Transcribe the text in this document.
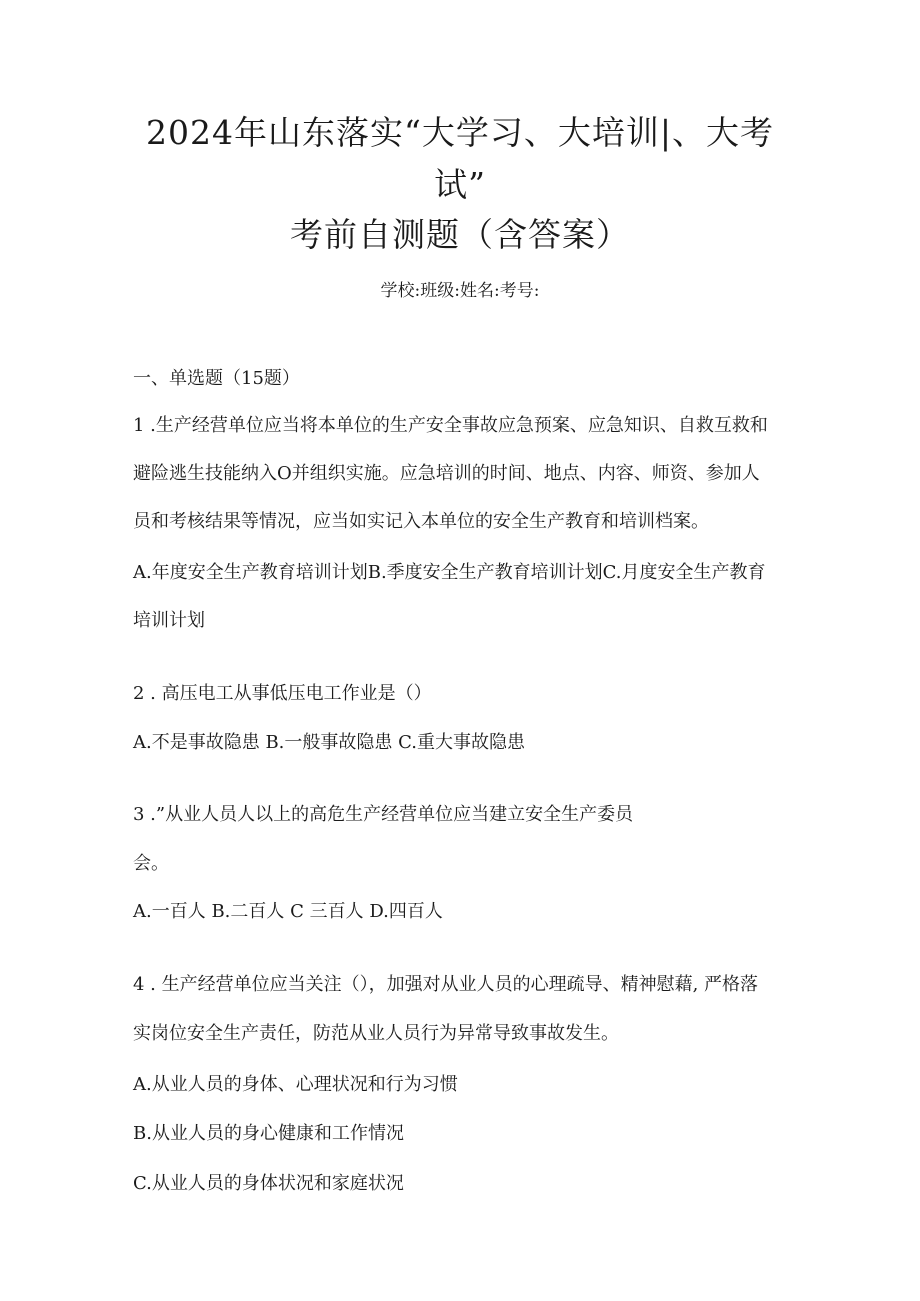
2024年山东落实“大学习、大培训|、大考
试”
考前自测题（含答案）
学校:班级:姓名:考号:
一、单选题（15题）
1 .生产经营单位应当将本单位的生产安全事故应急预案、应急知识、自救互救和
避险逃生技能纳入O并组织实施。应急培训的时间、地点、内容、师资、参加人
员和考核结果等情况，应当如实记入本单位的安全生产教育和培训档案。
A.年度安全生产教育培训计划B.季度安全生产教育培训计划C.月度安全生产教育
培训计划
2 . 高压电工从事低压电工作业是（）
A.不是事故隐患 B.一般事故隐患 C.重大事故隐患
3 .”从业人员人以上的高危生产经营单位应当建立安全生产委员
会。
A.一百人 B.二百人 C 三百人 D.四百人
4 . 生产经营单位应当关注（），加强对从业人员的心理疏导、精神慰藉, 严格落
实岗位安全生产责任，防范从业人员行为异常导致事故发生。
A.从业人员的身体、心理状况和行为习惯
B.从业人员的身心健康和工作情况
C.从业人员的身体状况和家庭状况
